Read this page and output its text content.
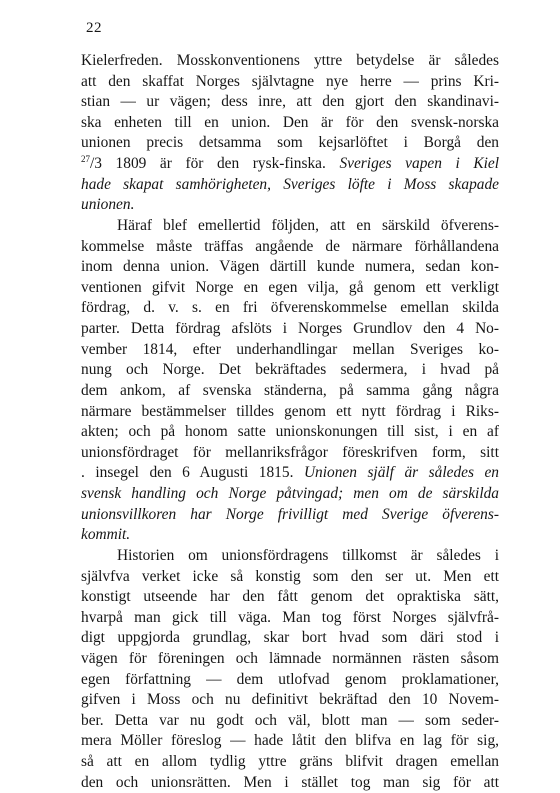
22
Kielerfreden. Mosskonventionens yttre betydelse är således
att den skaffat Norges självtagne nye herre — prins Kri-
stian — ur vägen; dess inre, att den gjort den skandinavi-
ska enheten till en union. Den är för den svensk-norska
unionen precis detsamma som kejsarlöftet i Borgå den
$^{27}$/3 1809 är för den rysk-finska. Sveriges vapen i Kiel
hade skapat samhörigheten, Sveriges löfte i Moss skapade
unionen.
Häraf blef emellertid följden, att en särskild öfverens-
kommelse måste träffas angående de närmare förhållandena
inom denna union. Vägen därtill kunde numera, sedan kon-
ventionen gifvit Norge en egen vilja, gå genom ett verkligt
fördrag, d. v. s. en fri öfverenskommelse emellan skilda
parter. Detta fördrag afslöts i Norges Grundlov den 4 No-
vember 1814, efter underhandlingar mellan Sveriges ko-
nung och Norge. Det bekräftades sedermera, i hvad på
dem ankom, af svenska ständerna, på samma gång några
närmare bestämmelser tilldes genom ett nytt fördrag i Riks-
akten; och på honom satte unionskonungen till sist, i en af
unionsfördraget för mellanriksfrågor föreskrifven form, sitt
. insegel den 6 Augusti 1815. Unionen själf är således en
svensk handling och Norge påtvingad; men om de särskilda
unionsvillkoren har Norge frivilligt med Sverige öfverens-
kommit.
Historien om unionsfördragens tillkomst är således i
självfva verket icke så konstig som den ser ut. Men ett
konstigt utseende har den fått genom det opraktiska sätt,
hvarpå man gick till väga. Man tog först Norges självfrå-
digt uppgjorda grundlag, skar bort hvad som däri stod i
vägen för föreningen och lämnade normännen rästen såsom
egen författning — dem utlofvad genom proklamationer,
gifven i Moss och nu definitivt bekräftad den 10 Novem-
ber. Detta var nu godt och väl, blott man — som seder-
mera Möller föreslog — hade låtit den blifva en lag för sig,
så att en allom tydlig yttre gräns blifvit dragen emellan
den och unionsrätten. Men i stället tog man sig för att
